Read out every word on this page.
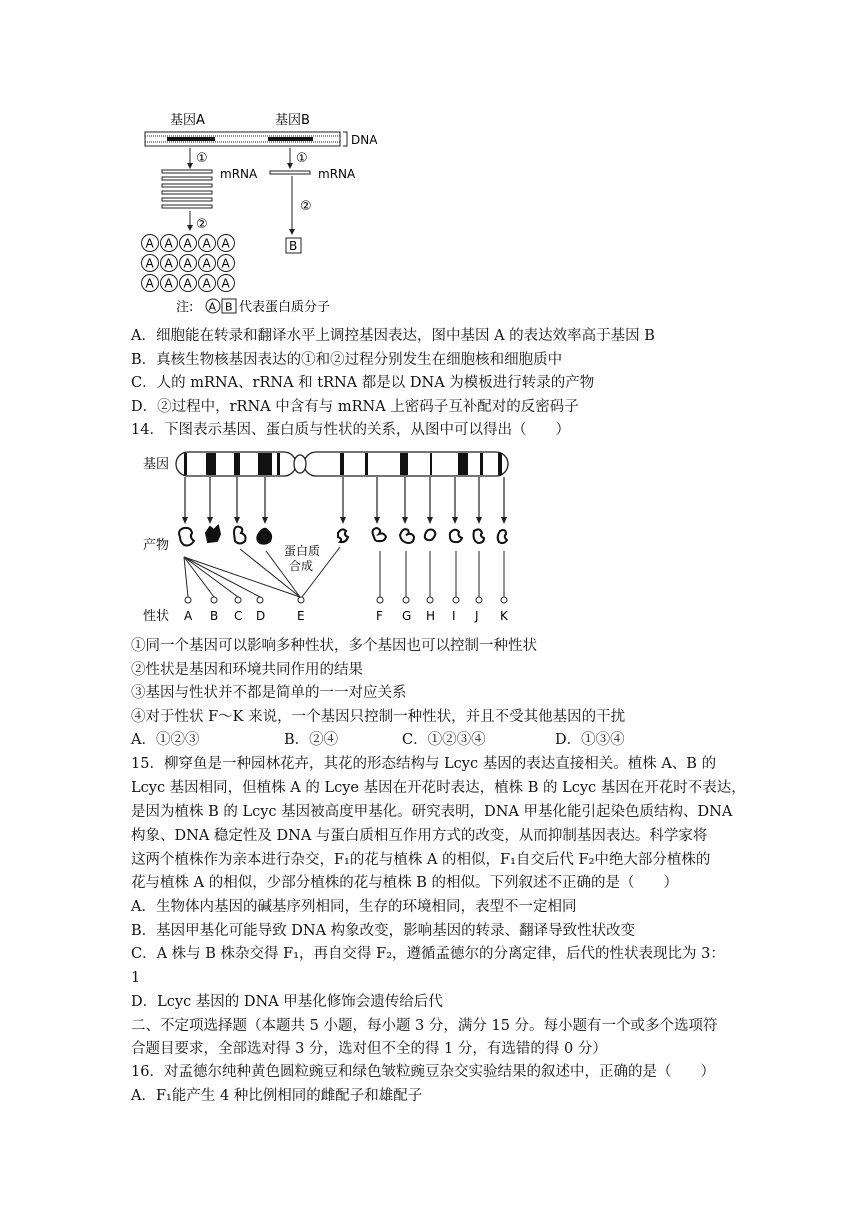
基因A	基因B
DNA
①	①
mRNA	mRNA
②
②
A A A A A
A A A A A
A A A A A
B
注: A B 代表蛋白质分子
A．细胞能在转录和翻译水平上调控基因表达，图中基因 A 的表达效率高于基因 B
B．真核生物核基因表达的①和②过程分别发生在细胞核和细胞质中
C．人的 mRNA、rRNA 和 tRNA 都是以 DNA 为模板进行转录的产物
D．②过程中，rRNA 中含有与 mRNA 上密码子互补配对的反密码子
14．下图表示基因、蛋白质与性状的关系，从图中可以得出（　　）
基因
产物
性状
蛋白质
合成
A B C D	E	F G H I J K
①同一个基因可以影响多种性状，多个基因也可以控制一种性状
②性状是基因和环境共同作用的结果
③基因与性状并不都是简单的一一对应关系
④对于性状 F～K 来说，一个基因只控制一种性状，并且不受其他基因的干扰
A．①②③	B．②④	C．①②③④	D．①③④
15．柳穿鱼是一种园林花卉，其花的形态结构与 Lcyc 基因的表达直接相关。植株 A、B 的
Lcyc 基因相同，但植株 A 的 Lcye 基因在开花时表达，植株 B 的 Lcyc 基因在开花时不表达，
是因为植株 B 的 Lcyc 基因被高度甲基化。研究表明，DNA 甲基化能引起染色质结构、DNA
构象、DNA 稳定性及 DNA 与蛋白质相互作用方式的改变，从而抑制基因表达。科学家将
这两个植株作为亲本进行杂交，F₁的花与植株 A 的相似，F₁自交后代 F₂中绝大部分植株的
花与植株 A 的相似，少部分植株的花与植株 B 的相似。下列叙述不正确的是（　　）
A．生物体内基因的碱基序列相同，生存的环境相同，表型不一定相同
B．基因甲基化可能导致 DNA 构象改变，影响基因的转录、翻译导致性状改变
C．A 株与 B 株杂交得 F₁，再自交得 F₂，遵循孟德尔的分离定律，后代的性状表现比为 3：
1
D．Lcyc 基因的 DNA 甲基化修饰会遗传给后代
二、不定项选择题（本题共 5 小题，每小题 3 分，满分 15 分。每小题有一个或多个选项符
合题目要求，全部选对得 3 分，选对但不全的得 1 分，有选错的得 0 分）
16．对孟德尔纯种黄色圆粒豌豆和绿色皱粒豌豆杂交实验结果的叙述中，正确的是（　　）
A．F₁能产生 4 种比例相同的雌配子和雄配子
